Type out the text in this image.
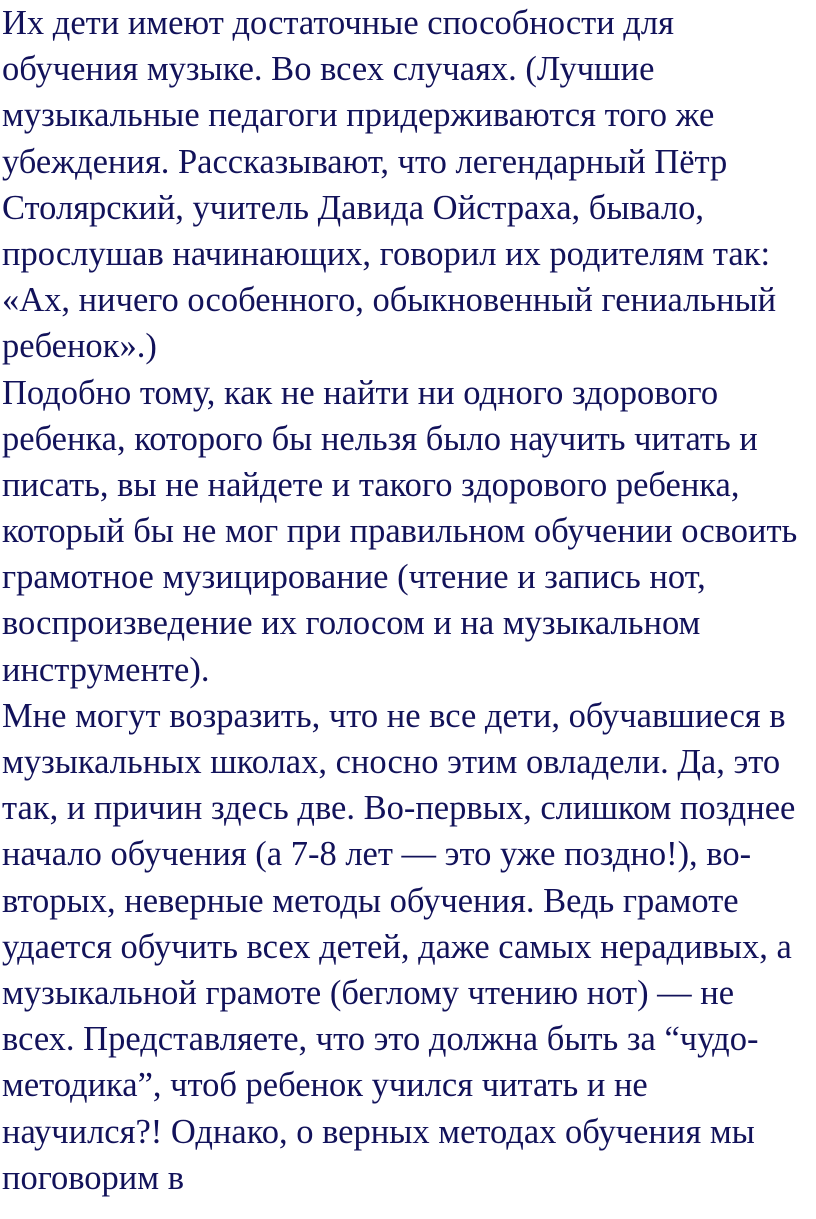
Их дети имеют достаточные способности для
обучения музыке. Во всех случаях. (Лучшие
музыкальные педагоги придерживаются того же
убеждения. Рассказывают, что легендарный Пётр
Столярский, учитель Давида Ойстраха, бывало,
прослушав начинающих, говорил их родителям так:
«Ах, ничего особенного, обыкновенный гениальный
ребенок».)
Подобно тому, как не найти ни одного здорового
ребенка, которого бы нельзя было научить читать и
писать, вы не найдете и такого здорового ребенка,
который бы не мог при правильном обучении освоить
грамотное музицирование (чтение и запись нот,
воспроизведение их голосом и на музыкальном
инструменте).
Мне могут возразить, что не все дети, обучавшиеся в
музыкальных школах, сносно этим овладели. Да, это
так, и причин здесь две. Во-первых, слишком позднее
начало обучения (а 7-8 лет — это уже поздно!), во-
вторых, неверные методы обучения. Ведь грамоте
удается обучить всех детей, даже самых нерадивых, а
музыкальной грамоте (беглому чтению нот) — не
всех. Представляете, что это должна быть за “чудо-
методика”, чтоб ребенок учился читать и не
научился?! Однако, о верных методах обучения мы
поговорим в
